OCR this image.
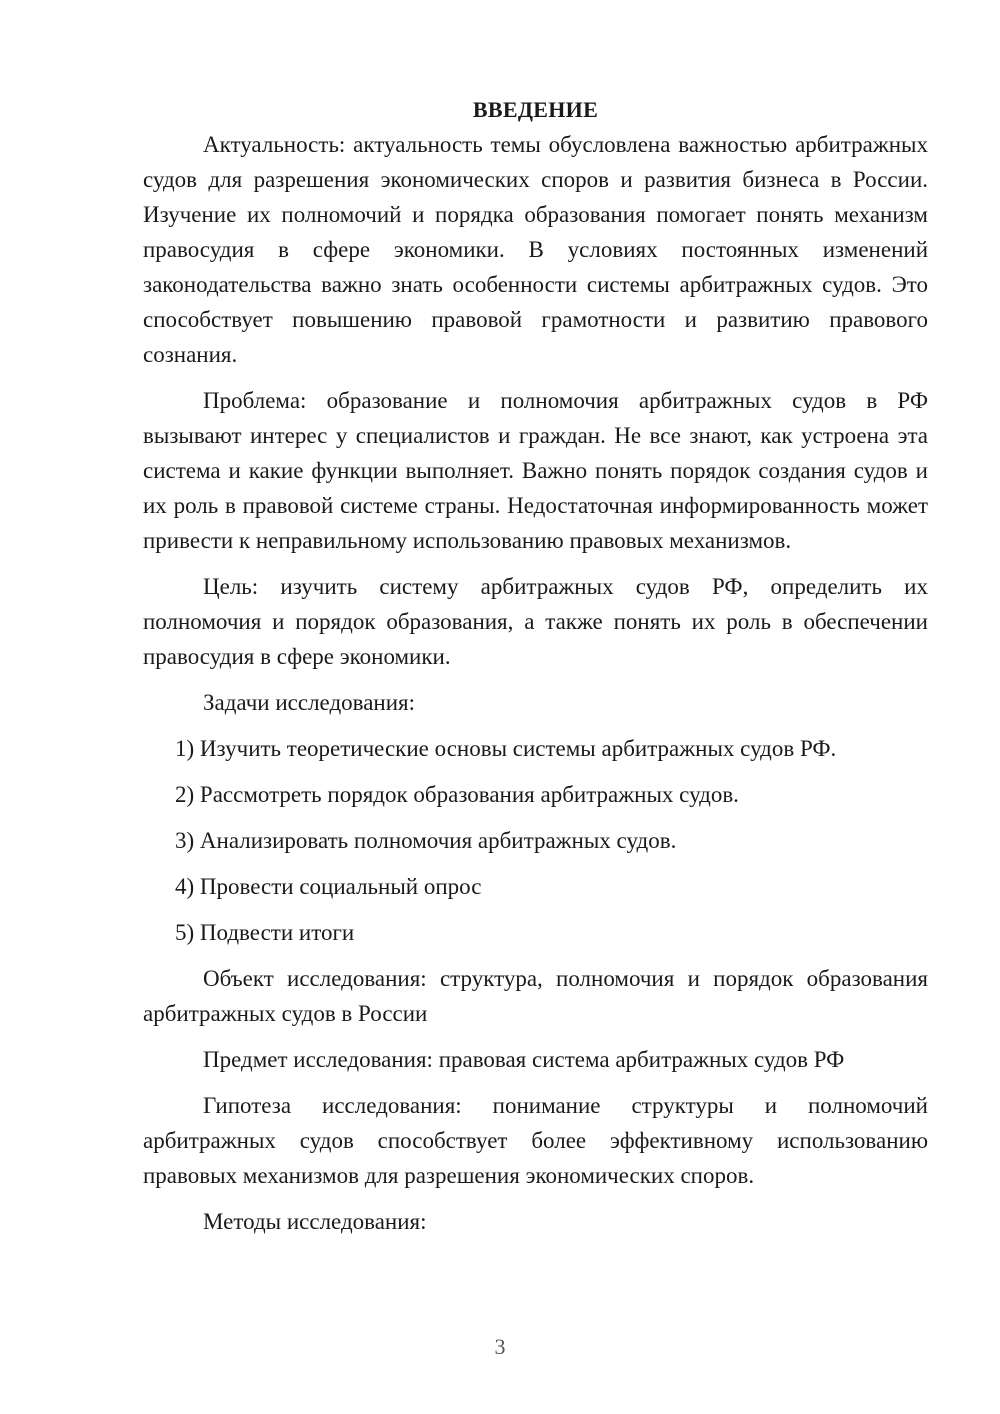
ВВЕДЕНИЕ

Актуальность: актуальность темы обусловлена важностью арбитражных судов для разрешения экономических споров и развития бизнеса в России. Изучение их полномочий и порядка образования помогает понять механизм правосудия в сфере экономики. В условиях постоянных изменений законодательства важно знать особенности системы арбитражных судов. Это способствует повышению правовой грамотности и развитию правового сознания.

Проблема: образование и полномочия арбитражных судов в РФ вызывают интерес у специалистов и граждан. Не все знают, как устроена эта система и какие функции выполняет. Важно понять порядок создания судов и их роль в правовой системе страны. Недостаточная информированность может привести к неправильному использованию правовых механизмов.

Цель: изучить систему арбитражных судов РФ, определить их полномочия и порядок образования, а также понять их роль в обеспечении правосудия в сфере экономики.

Задачи исследования:

1) Изучить теоретические основы системы арбитражных судов РФ.

2) Рассмотреть порядок образования арбитражных судов.

3) Анализировать полномочия арбитражных судов.

4) Провести социальный опрос

5) Подвести итоги

Объект исследования: структура, полномочия и порядок образования арбитражных судов в России

Предмет исследования: правовая система арбитражных судов РФ

Гипотеза исследования: понимание структуры и полномочий арбитражных судов способствует более эффективному использованию правовых механизмов для разрешения экономических споров.

Методы исследования:

3
